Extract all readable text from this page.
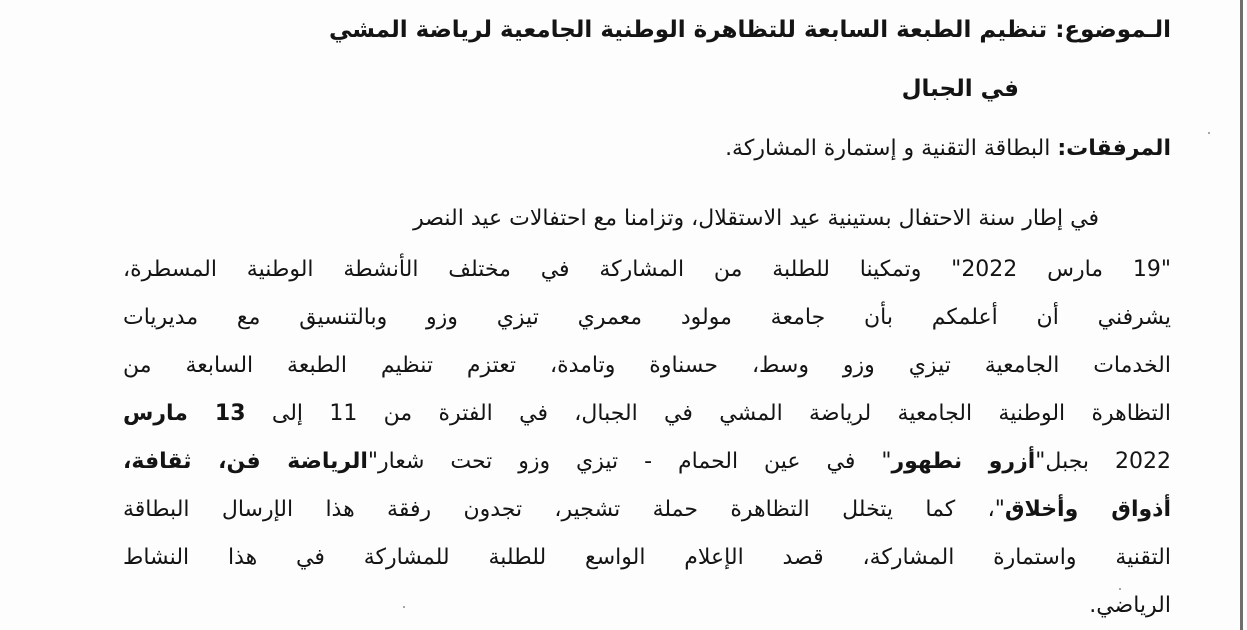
الـموضوع: تنظيم الطبعة السابعة للتظاهرة الوطنية الجامعية لرياضة المشي
في الجبال
المرفقات: البطاقة التقنية و إستمارة المشاركة.
في إطار سنة الاحتفال بستينية عيد الاستقلال، وتزامنا مع احتفالات عيد النصر
"19 مارس 2022" وتمكينا للطلبة من المشاركة في مختلف الأنشطة الوطنية المسطرة،
يشرفني أن أعلمكم بأن جامعة مولود معمري تيزي وزو وبالتنسيق مع مديريات
الخدمات الجامعية تيزي وزو وسط، حسناوة وتامدة، تعتزم تنظيم الطبعة السابعة من
التظاهرة الوطنية الجامعية لرياضة المشي في الجبال، في الفترة من 11 إلى 13 مارس
2022 بجبل"أزرو نطهور" في عين الحمام - تيزي وزو تحت شعار"الرياضة فن، ثقافة،
أذواق وأخلاق"، كما يتخلل التظاهرة حملة تشجير، تجدون رفقة هذا الإرسال البطاقة
التقنية واستمارة المشاركة، قصد الإعلام الواسع للطلبة للمشاركة في هذا النشاط
الرياضي.
